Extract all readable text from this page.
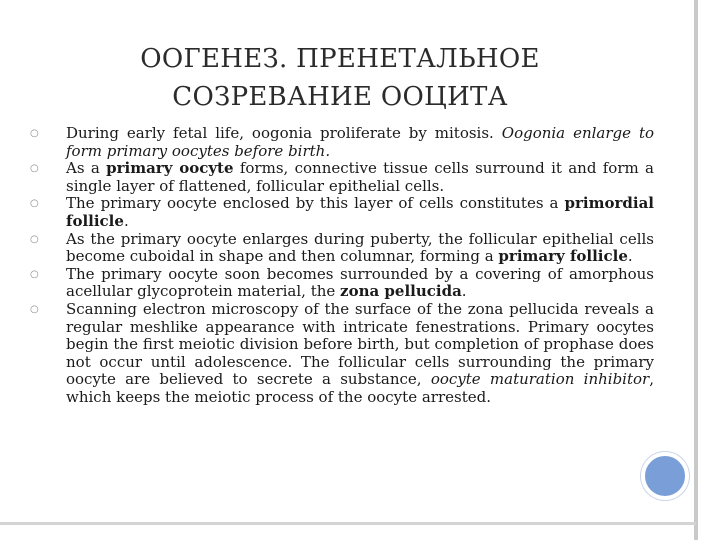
ООГЕНЕЗ. ПРЕНЕТАЛЬНОЕ
СОЗРЕВАНИЕ ООЦИТА
○
During early fetal life, oogonia proliferate by mitosis. Oogonia enlarge to form primary oocytes before birth.
○
As a primary oocyte forms, connective tissue cells surround it and form a single layer of flattened, follicular epithelial cells.
○
The primary oocyte enclosed by this layer of cells constitutes a primordial follicle.
○
As the primary oocyte enlarges during puberty, the follicular epithelial cells become cuboidal in shape and then columnar, forming a primary follicle.
○
The primary oocyte soon becomes surrounded by a covering of amorphous acellular glycoprotein material, the zona pellucida.
○
Scanning electron microscopy of the surface of the zona pellucida reveals a regular meshlike appearance with intricate fenestrations. Primary oocytes begin the first meiotic division before birth, but completion of prophase does not occur until adolescence. The follicular cells surrounding the primary oocyte are believed to secrete a substance, oocyte maturation inhibitor, which keeps the meiotic process of the oocyte arrested.
